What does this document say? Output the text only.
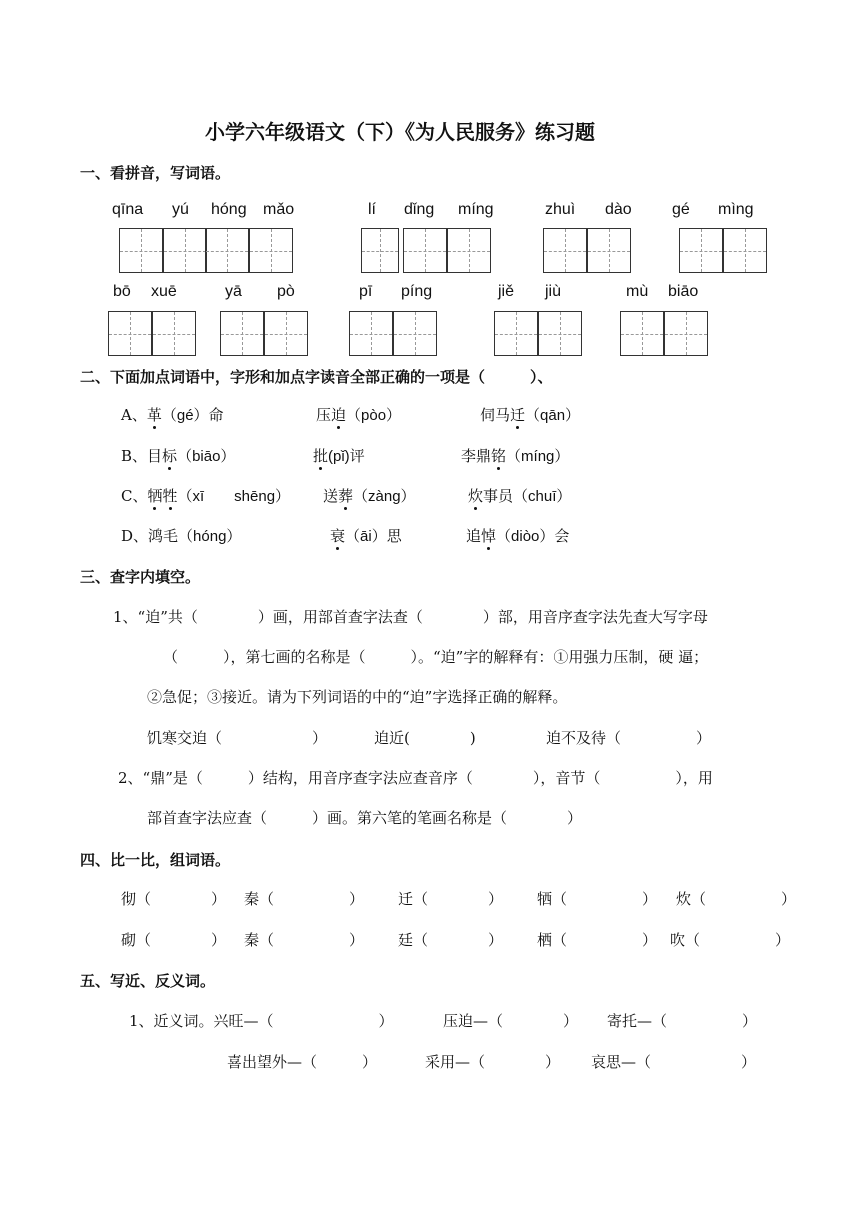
小学六年级语文（下）《为人民服务》练习题
一、看拼音，写词语。
qīna yú hóng mǎo	lí dǐng míng	zhuì dào	gé mìng
bō xuē	yā pò	pī píng	jiě jiù	mù biāo
二、下面加点词语中，字形和加点字读音全部正确的一项是（　　　）、
A、革（gé）命	压迫（pòo）	伺马迁（qān）
B、目标（biāo）	批(pǐ)评	李鼎铭（míng）
C、牺牲（xī　　shēng） 送葬（zàng）	炊事员（chuī）
D、鸿毛（hóng）	衰（āi）思	追悼（diòo）会
三、查字内填空。
1、“迫”共（　　　　）画，用部首查字法查（　　　　）部，用音序查字法先查大写字母
（　　　），第七画的名称是（　　　）。“迫”字的解释有：①用强力压制，硬 逼；
②急促；③接近。请为下列词语的中的“迫”字选择正确的解释。
饥寒交迫（　　　　　　）	迫近(　　　　)	迫不及待（　　　　　）
2、“鼎”是（　　　）结构，用音序查字法应查音序（　　　　），音节（　　　　　），用
部首查字法应查（　　　）画。第六笔的笔画名称是（　　　　）
四、比一比，组词语。
彻（　　　　） 秦（　　　　　） 迁（　　　　） 牺（　　　　　） 炊（　　　　　）
砌（　　　　） 秦（　　　　　） 廷（　　　　） 栖（　　　　　） 吹（　　　　　）
五、写近、反义词。
1、近义词。兴旺—（　　　　　　　）	压迫—（　　　　） 寄托—（　　　　　）
喜出望外—（　　　）	采用—（　　　　） 哀思—（　　　　　　）
